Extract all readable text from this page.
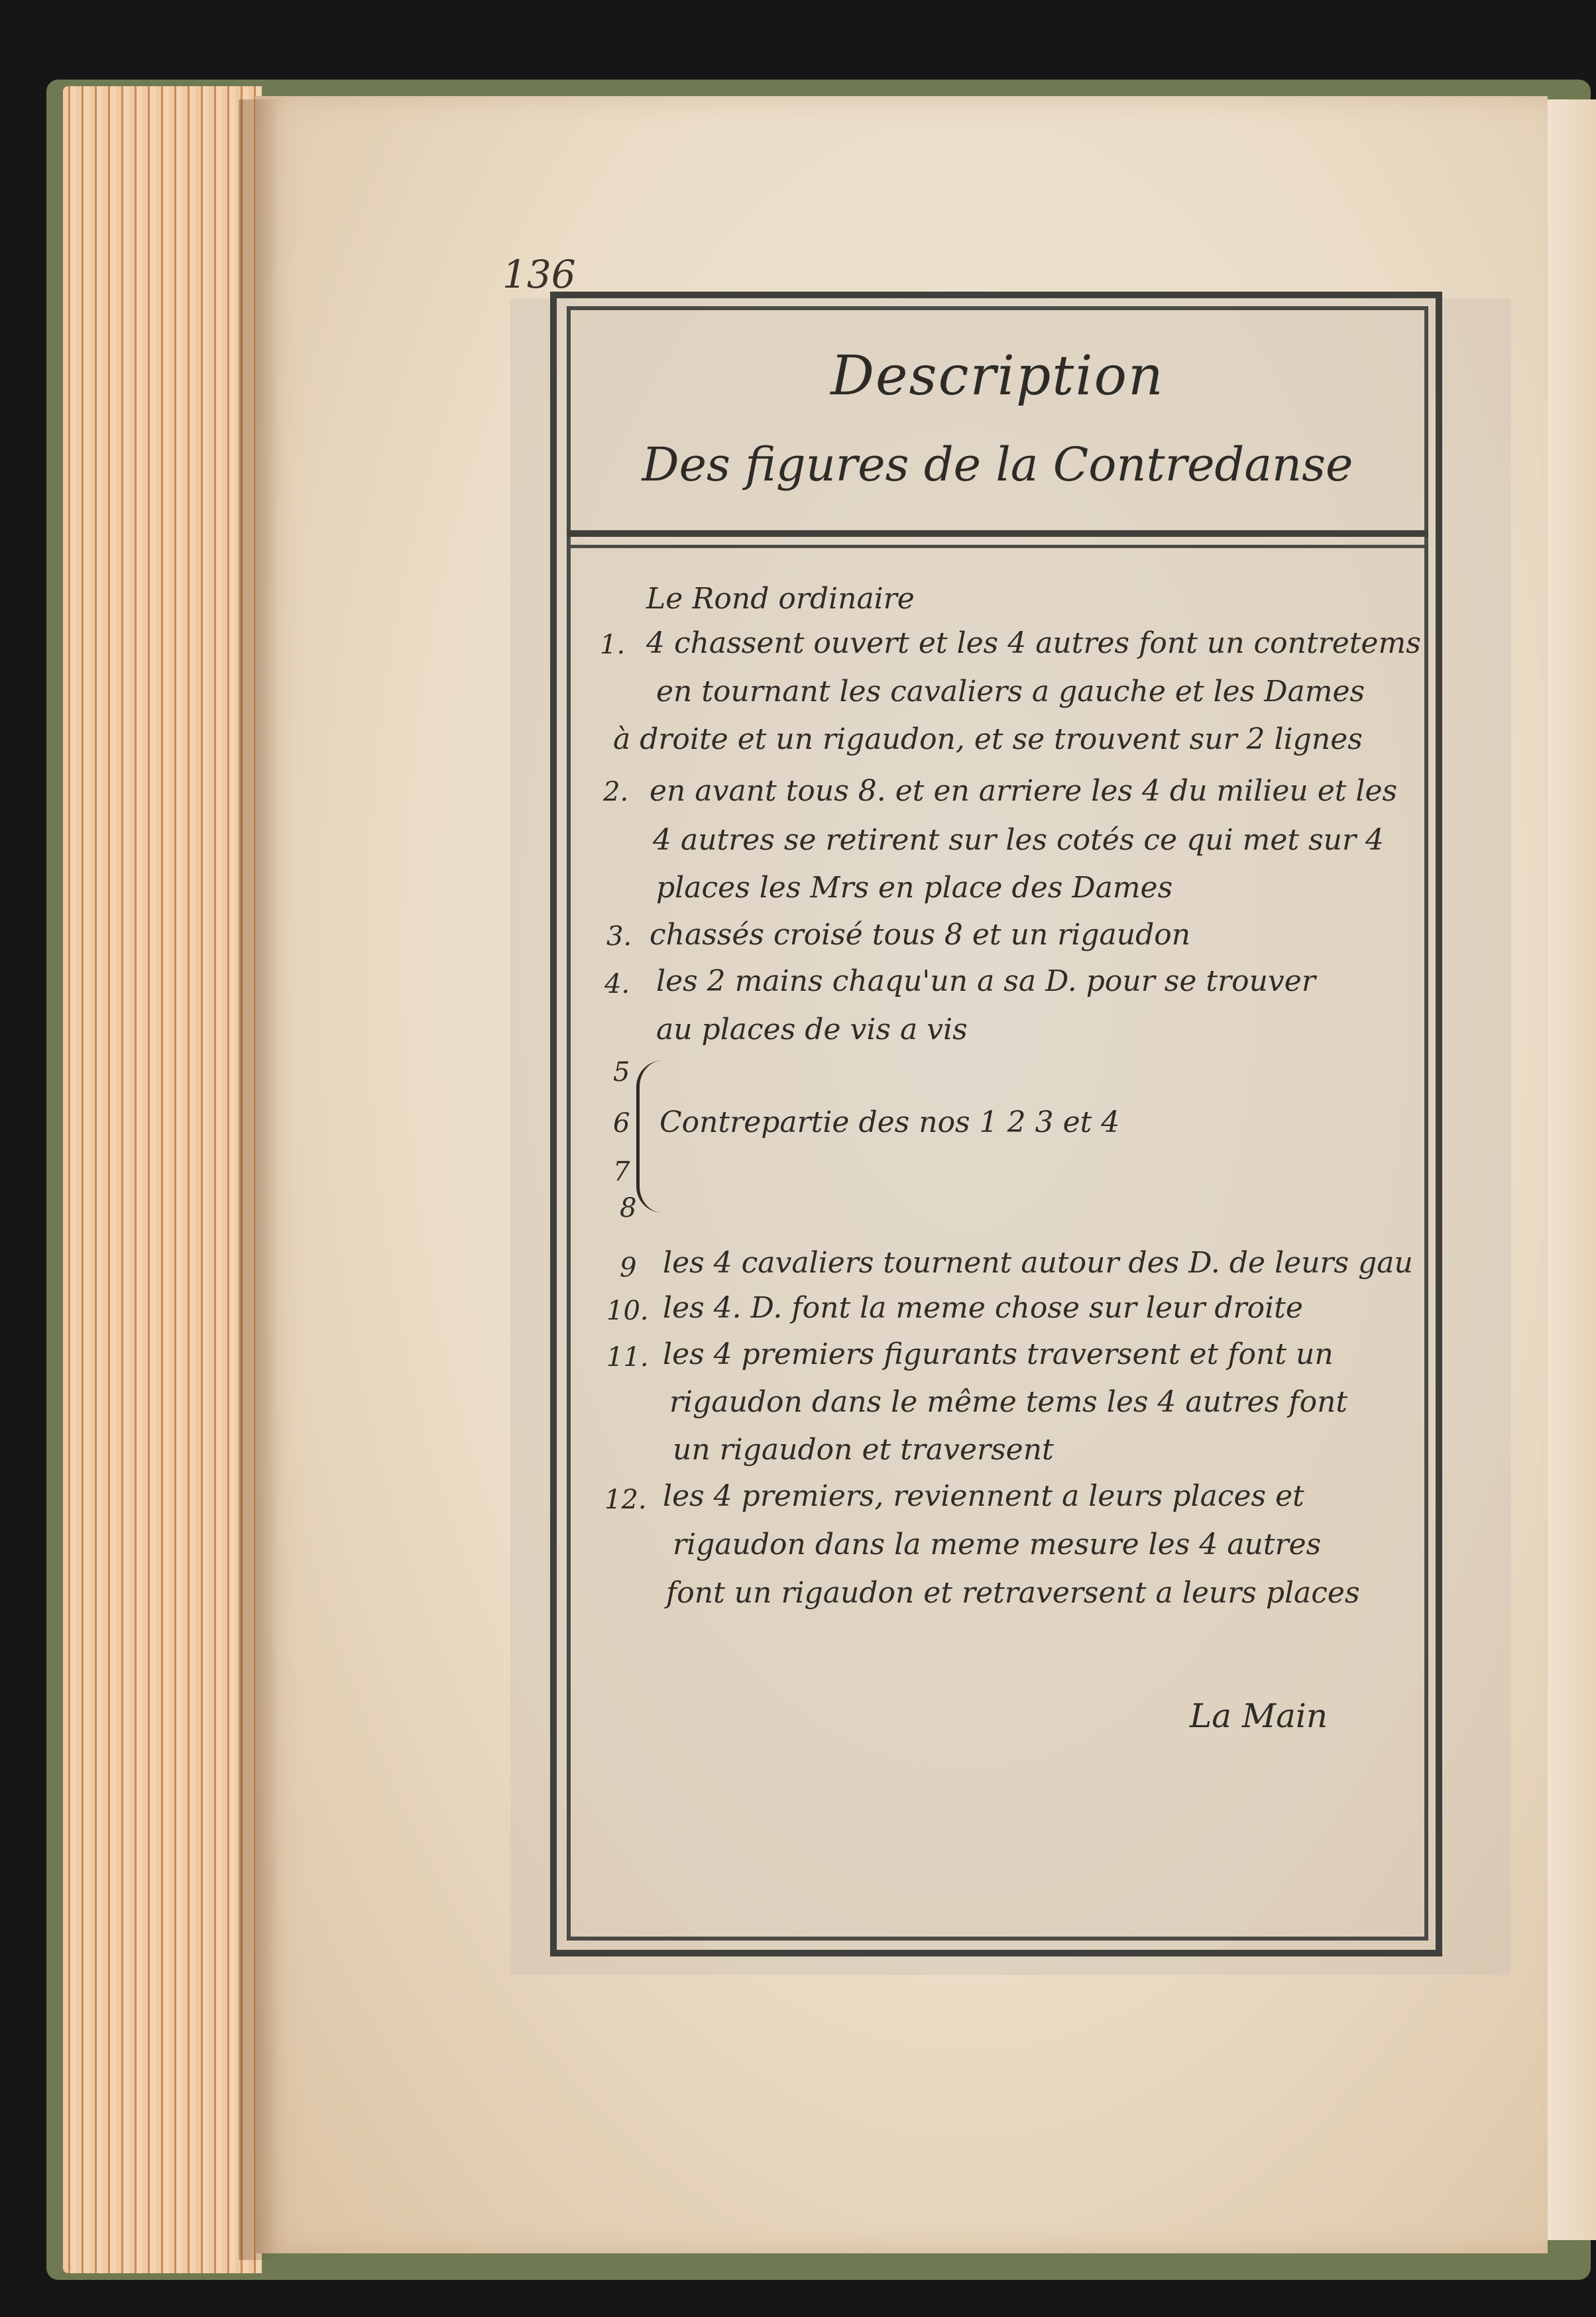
136
Description
Des figures de la Contredanse
Le Rond ordinaire
1. 4 chassent ouvert et les 4 autres font un contretems
en tournant les cavaliers a gauche et les Dames
à droite et un rigaudon, et se trouvent sur 2 lignes
2. en avant tous 8. et en arriere les 4 du milieu et les
4 autres se retirent sur les cotés ce qui met sur 4
places les Mrs en place des Dames
3. chassés croisé tous 8 et un rigaudon
4. les 2 mains chaqu'un a sa D. pour se trouver
au places de vis a vis
5
6
7
8
Contrepartie des nos 1 2 3 et 4
9 les 4 cavaliers tournent autour des D. de leurs gau
10. les 4. D. font la meme chose sur leur droite
11. les 4 premiers figurants traversent et font un
rigaudon dans le même tems les 4 autres font
un rigaudon et traversent
12. les 4 premiers, reviennent a leurs places et
rigaudon dans la meme mesure les 4 autres
font un rigaudon et retraversent a leurs places
La Main
